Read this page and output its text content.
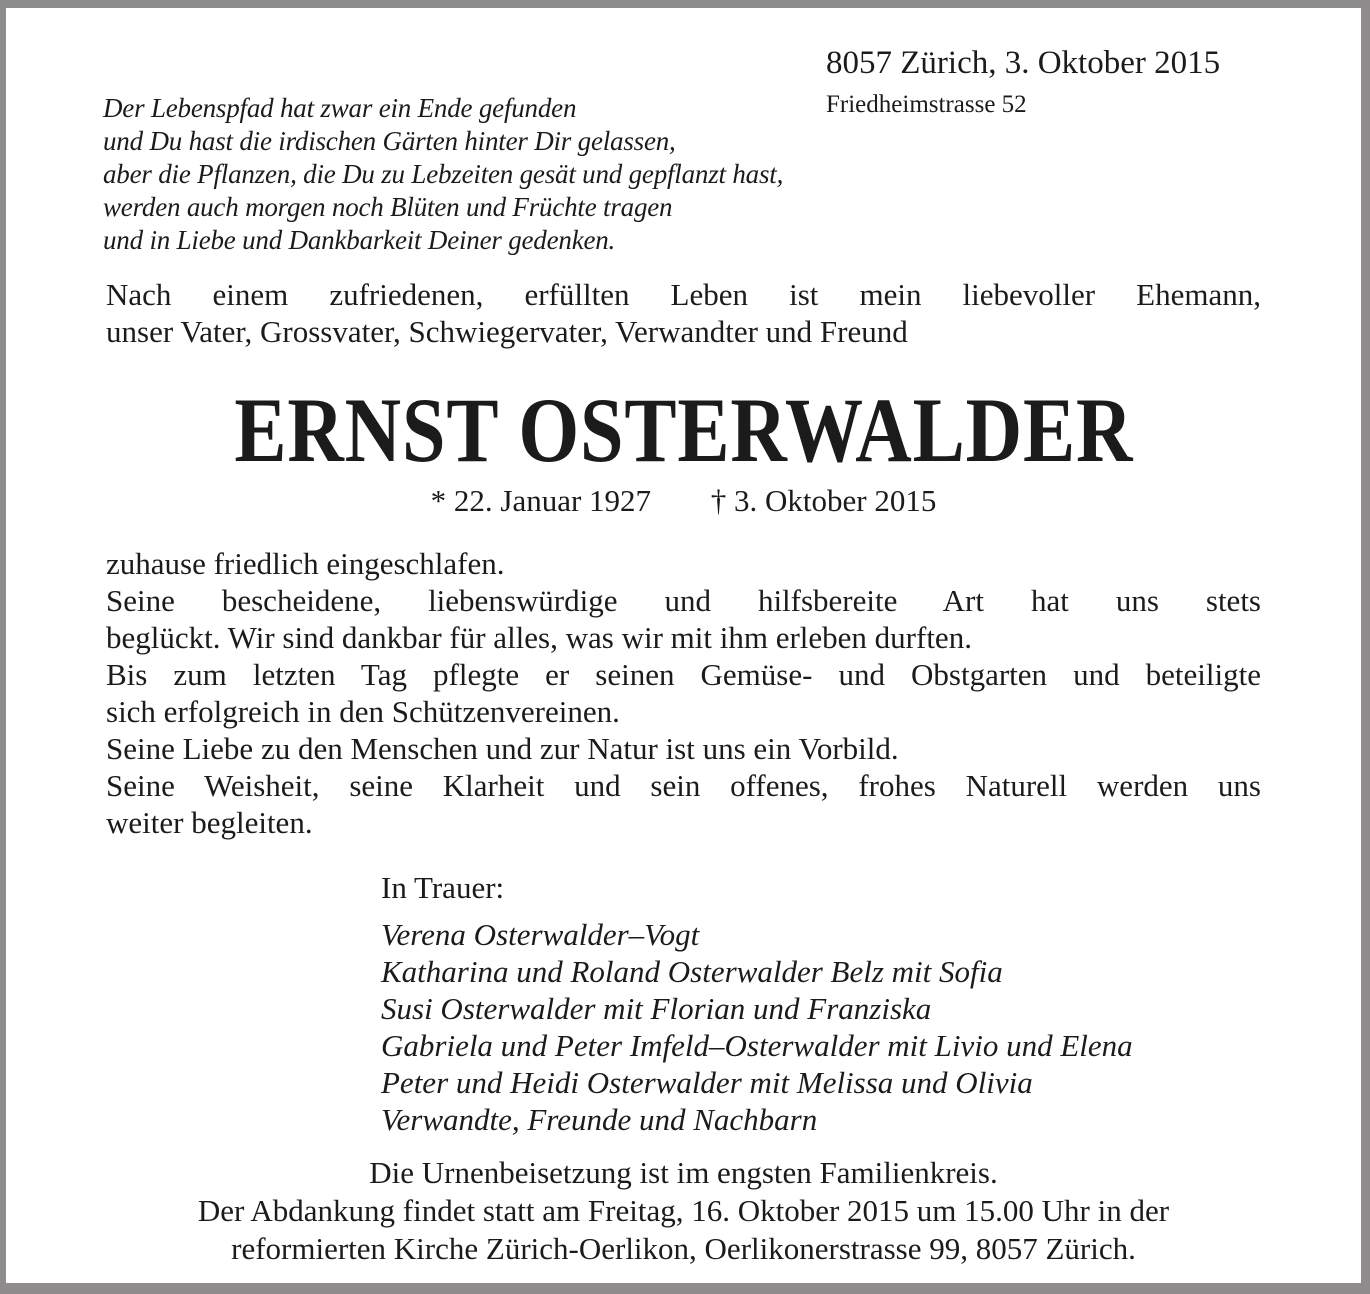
Der Lebenspfad hat zwar ein Ende gefunden
und Du hast die irdischen Gärten hinter Dir gelassen,
aber die Pflanzen, die Du zu Lebzeiten gesät und gepflanzt hast,
werden auch morgen noch Blüten und Früchte tragen
und in Liebe und Dankbarkeit Deiner gedenken.
8057 Zürich, 3. Oktober 2015
Friedheimstrasse 52
Nach einem zufriedenen, erfüllten Leben ist mein liebevoller Ehemann,
unser Vater, Grossvater, Schwiegervater, Verwandter und Freund
ERNST OSTERWALDER
* 22. Januar 1927 † 3. Oktober 2015
zuhause friedlich eingeschlafen.
Seine bescheidene, liebenswürdige und hilfsbereite Art hat uns stets
beglückt. Wir sind dankbar für alles, was wir mit ihm erleben durften.
Bis zum letzten Tag pflegte er seinen Gemüse- und Obstgarten und beteiligte
sich erfolgreich in den Schützenvereinen.
Seine Liebe zu den Menschen und zur Natur ist uns ein Vorbild.
Seine Weisheit, seine Klarheit und sein offenes, frohes Naturell werden uns
weiter begleiten.
In Trauer:
Verena Osterwalder–Vogt
Katharina und Roland Osterwalder Belz mit Sofia
Susi Osterwalder mit Florian und Franziska
Gabriela und Peter Imfeld–Osterwalder mit Livio und Elena
Peter und Heidi Osterwalder mit Melissa und Olivia
Verwandte, Freunde und Nachbarn
Die Urnenbeisetzung ist im engsten Familienkreis.
Der Abdankung findet statt am Freitag, 16. Oktober 2015 um 15.00 Uhr in der
reformierten Kirche Zürich-Oerlikon, Oerlikonerstrasse 99, 8057 Zürich.
